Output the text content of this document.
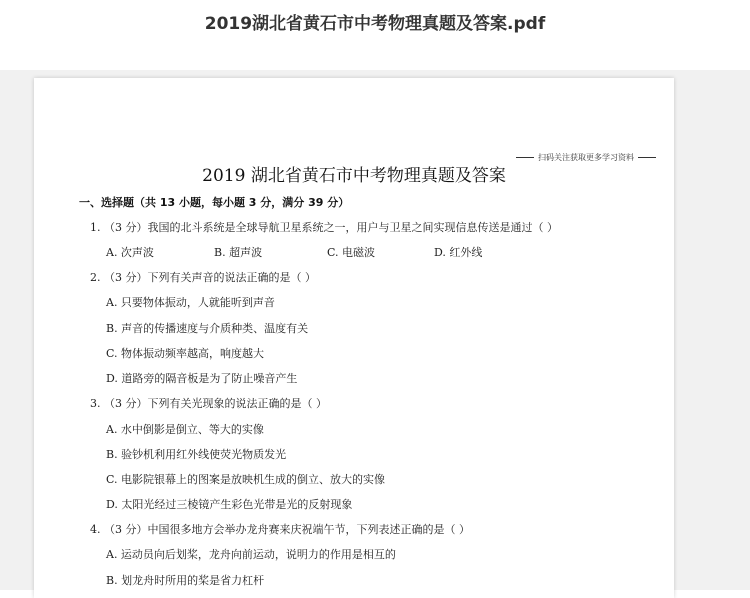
2019湖北省黄石市中考物理真题及答案.pdf
扫码关注获取更多学习资料
2019 湖北省黄石市中考物理真题及答案
一、选择题（共 13 小题，每小题 3 分，满分 39 分）
1. （3 分）我国的北斗系统是全球导航卫星系统之一，用户与卫星之间实现信息传送是通过（ ）
A. 次声波	B. 超声波	C. 电磁波	D. 红外线
2. （3 分）下列有关声音的说法正确的是（ ）
A. 只要物体振动，人就能听到声音
B. 声音的传播速度与介质种类、温度有关
C. 物体振动频率越高，响度越大
D. 道路旁的隔音板是为了防止噪音产生
3. （3 分）下列有关光现象的说法正确的是（ ）
A. 水中倒影是倒立、等大的实像
B. 验钞机利用红外线使荧光物质发光
C. 电影院银幕上的图案是放映机生成的倒立、放大的实像
D. 太阳光经过三棱镜产生彩色光带是光的反射现象
4. （3 分）中国很多地方会举办龙舟赛来庆祝端午节，下列表述正确的是（ ）
A. 运动员向后划桨，龙舟向前运动，说明力的作用是相互的
B. 划龙舟时所用的桨是省力杠杆
